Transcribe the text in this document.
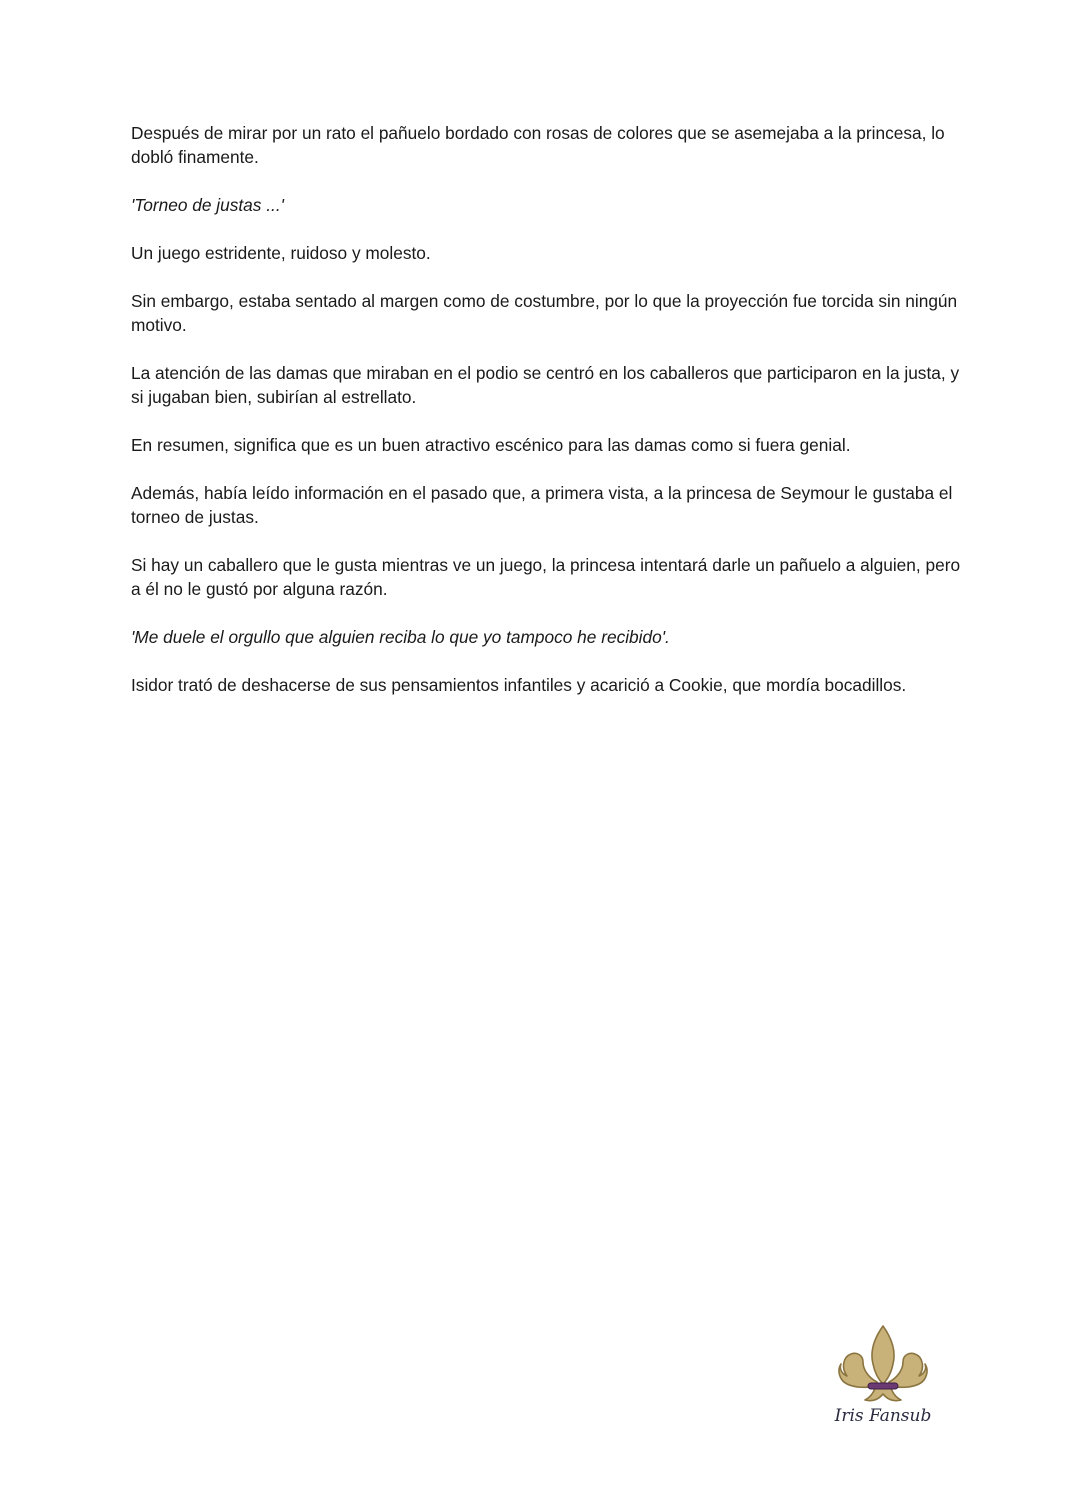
Después de mirar por un rato el pañuelo bordado con rosas de colores que se asemejaba a la princesa, lo dobló finamente.

'Torneo de justas ...'

Un juego estridente, ruidoso y molesto.

Sin embargo, estaba sentado al margen como de costumbre, por lo que la proyección fue torcida sin ningún motivo.

La atención de las damas que miraban en el podio se centró en los caballeros que participaron en la justa, y si jugaban bien, subirían al estrellato.

En resumen, significa que es un buen atractivo escénico para las damas como si fuera genial.

Además, había leído información en el pasado que, a primera vista, a la princesa de Seymour le gustaba el torneo de justas.

Si hay un caballero que le gusta mientras ve un juego, la princesa intentará darle un pañuelo a alguien, pero a él no le gustó por alguna razón.

'Me duele el orgullo que alguien reciba lo que yo tampoco he recibido'.

Isidor trató de deshacerse de sus pensamientos infantiles y acarició a Cookie, que mordía bocadillos.

Iris Fansub
